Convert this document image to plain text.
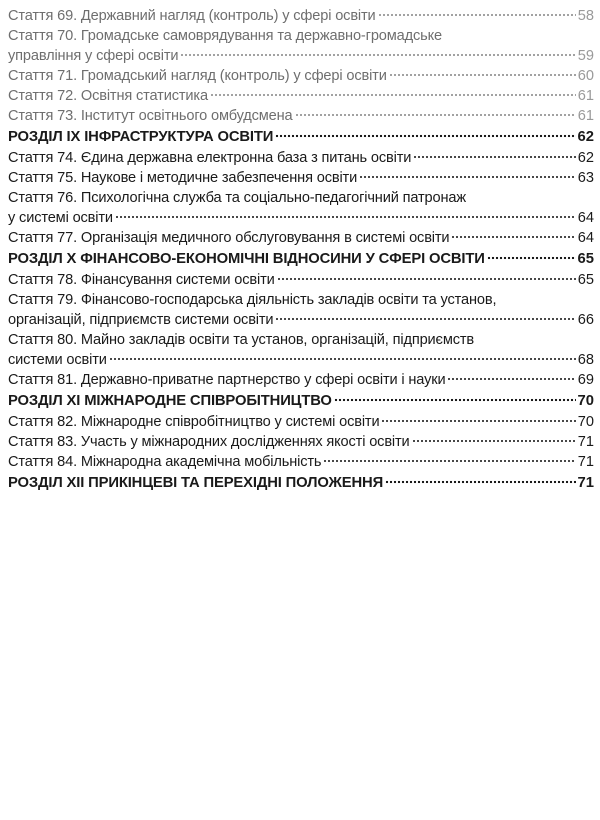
Стаття 69. Державний нагляд (контроль) у сфері освіти	58
Стаття 70. Громадське самоврядування та державно-громадське
управління у сфері освіти	59
Стаття 71. Громадський нагляд (контроль) у сфері освіти	60
Стаття 72. Освітня статистика	61
Стаття 73. Інститут освітнього омбудсмена	61
РОЗДІЛ IX ІНФРАСТРУКТУРА ОСВІТИ	62
Стаття 74. Єдина державна електронна база з питань освіти	62
Стаття 75. Наукове і методичне забезпечення освіти	63
Стаття 76. Психологічна служба та соціально-педагогічний патронаж
у системі освіти	64
Стаття 77. Організація медичного обслуговування в системі освіти	64
РОЗДІЛ X ФІНАНСОВО-ЕКОНОМІЧНІ ВІДНОСИНИ У СФЕРІ ОСВІТИ	65
Стаття 78. Фінансування системи освіти	65
Стаття 79. Фінансово-господарська діяльність закладів освіти та установ,
організацій, підприємств системи освіти	66
Стаття 80. Майно закладів освіти та установ, організацій, підприємств
системи освіти	68
Стаття 81. Державно-приватне партнерство у сфері освіти і науки	69
РОЗДІЛ XI МІЖНАРОДНЕ СПІВРОБІТНИЦТВО	70
Стаття 82. Міжнародне співробітництво у системі освіти	70
Стаття 83. Участь у міжнародних дослідженнях якості освіти	71
Стаття 84. Міжнародна академічна мобільність	71
РОЗДІЛ XII ПРИКІНЦЕВІ ТА ПЕРЕХІДНІ ПОЛОЖЕННЯ	71
